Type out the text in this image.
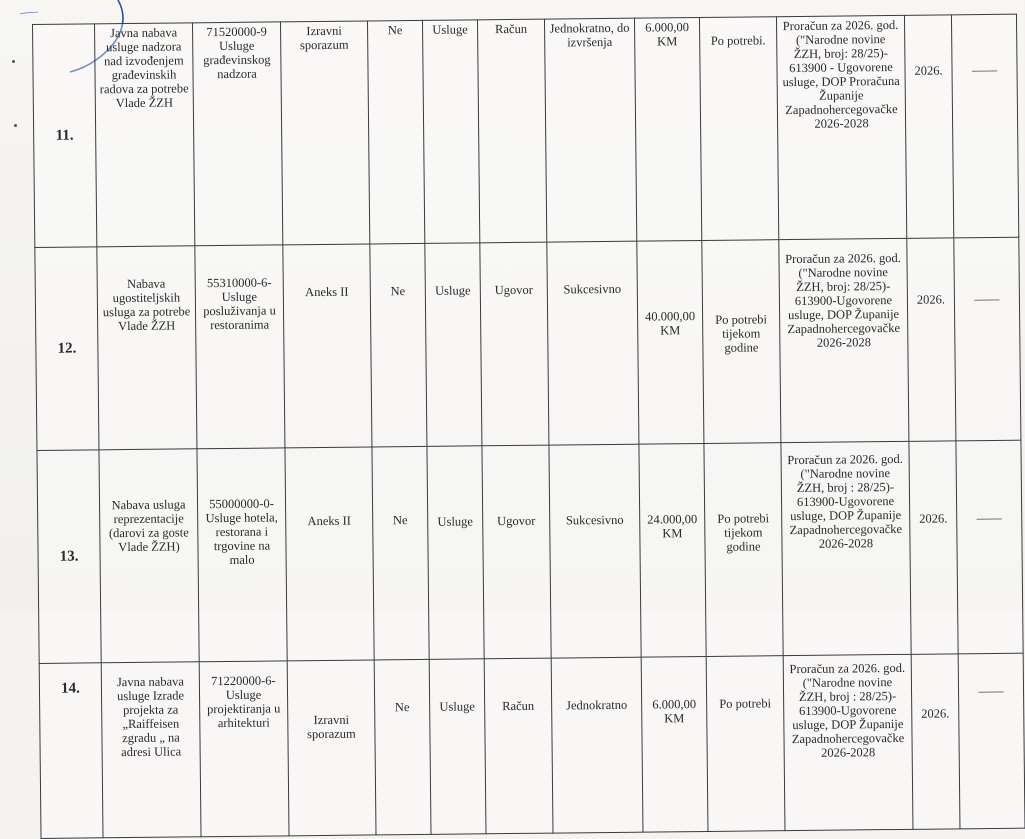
11.	Javna nabava usluge nadzora nad izvođenjem građevinskih radova za potrebe Vlade ŽZH	71520000-9 Usluge građevinskog nadzora	Izravni sporazum	Ne	Usluge	Račun	Jednokratno, do izvršenja	6.000,00 KM	Po potrebi.	Proračun za 2026. god. ("Narodne novine ŽZH, broj: 28/25)- 613900 - Ugovorene usluge, DOP Proračuna Županije Zapadnohercegovačke 2026-2028	2026.	——
12.	Nabava ugostiteljskih usluga za potrebe Vlade ŽZH	55310000-6- Usluge posluživanja u restoranima	Aneks II	Ne	Usluge	Ugovor	Sukcesivno	40.000,00 KM	Po potrebi tijekom godine	Proračun za 2026. god. ("Narodne novine ŽZH, broj: 28/25)- 613900-Ugovorene usluge, DOP Županije Zapadnohercegovačke 2026-2028	2026.	——
13.	Nabava usluga reprezentacije (darovi za goste Vlade ŽZH)	55000000-0- Usluge hotela, restorana i trgovine na malo	Aneks II	Ne	Usluge	Ugovor	Sukcesivno	24.000,00 KM	Po potrebi tijekom godine	Proračun za 2026. god. ("Narodne novine ŽZH, broj : 28/25)- 613900-Ugovorene usluge, DOP Županije Zapadnohercegovačke 2026-2028	2026.	——
14.	Javna nabava usluge Izrade projekta za „Raiffeisen zgradu „ na adresi Ulica	71220000-6- Usluge projektiranja u arhitekturi	Izravni sporazum	Ne	Usluge	Račun	Jednokratno	6.000,00 KM	Po potrebi	Proračun za 2026. god. ("Narodne novine ŽZH, broj : 28/25)- 613900-Ugovorene usluge, DOP Županije Zapadnohercegovačke 2026-2028	2026.	——
